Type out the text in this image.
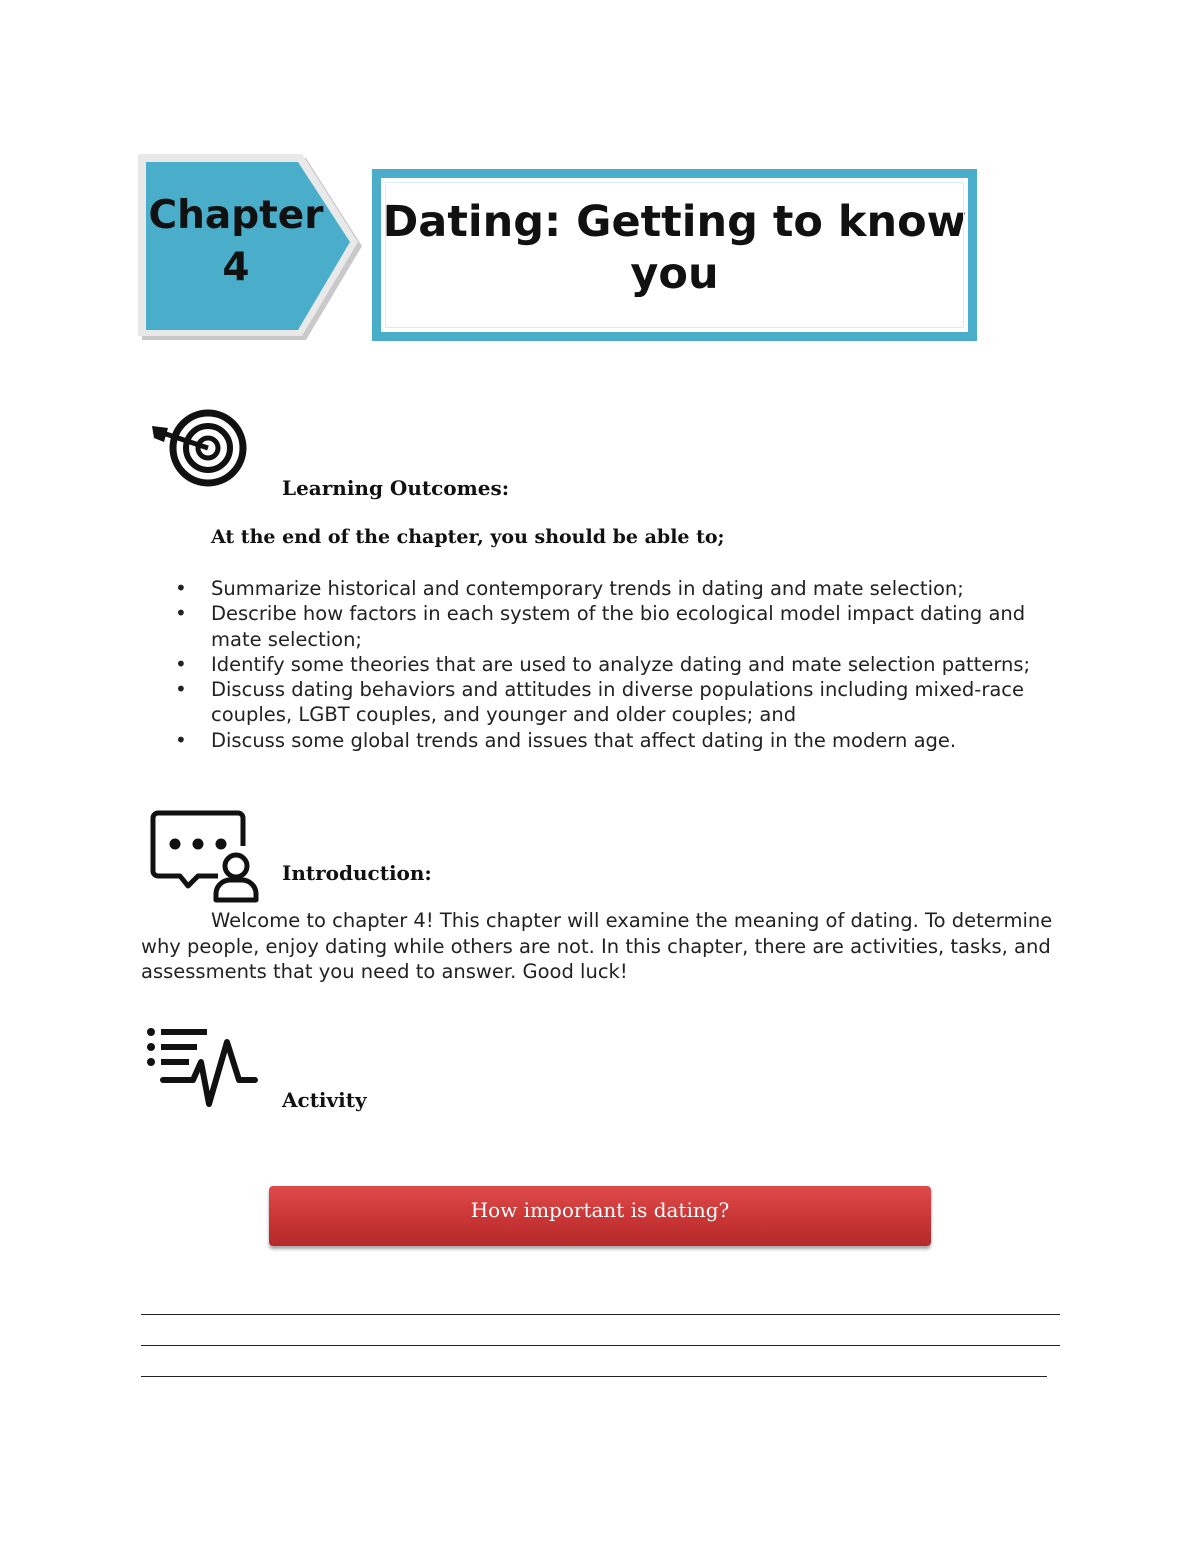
Chapter 4
Dating: Getting to know you
Learning Outcomes:
At the end of the chapter, you should be able to;
• Summarize historical and contemporary trends in dating and mate selection;
• Describe how factors in each system of the bio ecological model impact dating and mate selection;
• Identify some theories that are used to analyze dating and mate selection patterns;
• Discuss dating behaviors and attitudes in diverse populations including mixed-race couples, LGBT couples, and younger and older couples; and
• Discuss some global trends and issues that affect dating in the modern age.
Introduction:

Welcome to chapter 4! This chapter will examine the meaning of dating. To determine why people, enjoy dating while others are not. In this chapter, there are activities, tasks, and assessments that you need to answer. Good luck!

Activity
How important is dating?
